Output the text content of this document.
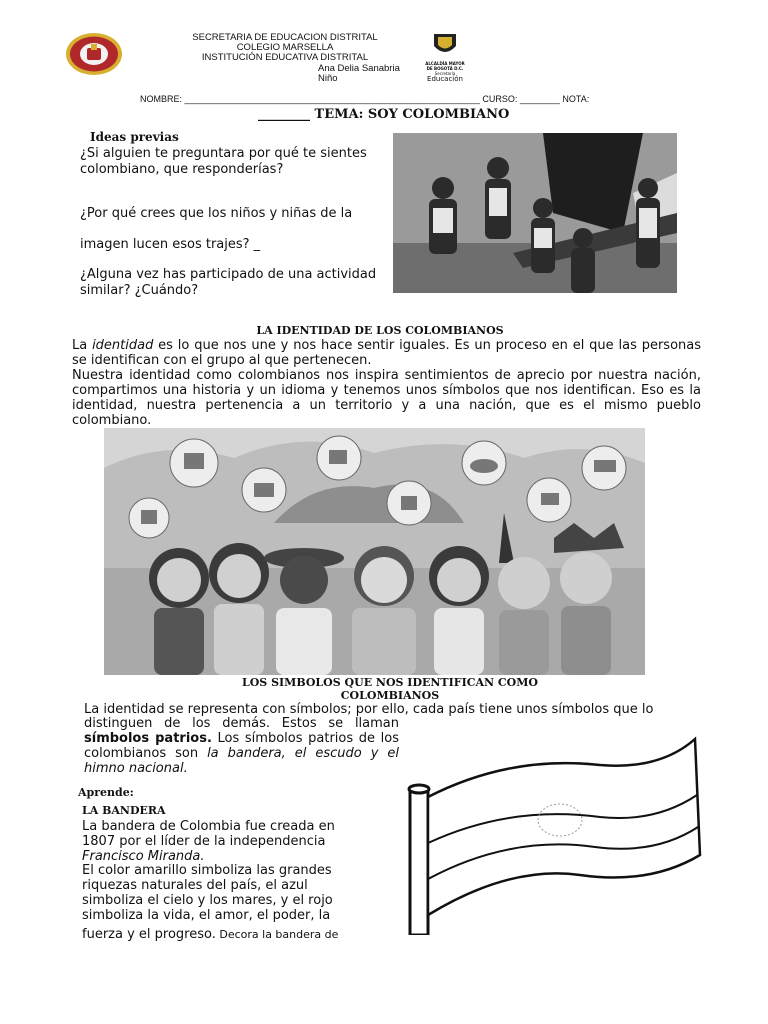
SECRETARIA DE EDUCACION DISTRITAL
COLEGIO MARSELLA
INSTITUCIÓN EDUCATIVA DISTRITAL
Ana Delia Sanabria
Niño
ALCALDÍA MAYOR
DE BOGOTÁ D.C.
Secretaría
Educación
NOMBRE: ___________________________________________________________ CURSO: ________ NOTA:
________ TEMA: SOY COLOMBIANO
Ideas previas
¿Si alguien te preguntara por qué te sientes colombiano, que responderías?
¿Por qué crees que los niños y niñas de la
imagen lucen esos trajes? _
¿Alguna vez has participado de una actividad similar? ¿Cuándo?
LA IDENTIDAD DE LOS COLOMBIANOS
La identidad es lo que nos une y nos hace sentir iguales. Es un proceso en el que las personas se identifican con el grupo al que pertenecen.
Nuestra identidad como colombianos nos inspira sentimientos de aprecio por nuestra nación, compartimos una historia y un idioma y tenemos unos símbolos que nos identifican. Eso es la identidad, nuestra pertenencia a un territorio y a una nación, que es el mismo pueblo colombiano.
LOS SIMBOLOS QUE NOS IDENTIFICAN COMO
COLOMBIANOS
La identidad se representa con símbolos; por ello, cada país tiene unos símbolos que lo
distinguen de los demás. Estos se llaman símbolos patrios. Los símbolos patrios de los colombianos son la bandera, el escudo y el himno nacional.
Aprende:
LA BANDERA
La bandera de Colombia fue creada en 1807 por el líder de la independencia Francisco Miranda.
El color amarillo simboliza las grandes riquezas naturales del país, el azul simboliza el cielo y los mares, y el rojo simboliza la vida, el amor, el poder, la
fuerza y el progreso. Decora la bandera de
